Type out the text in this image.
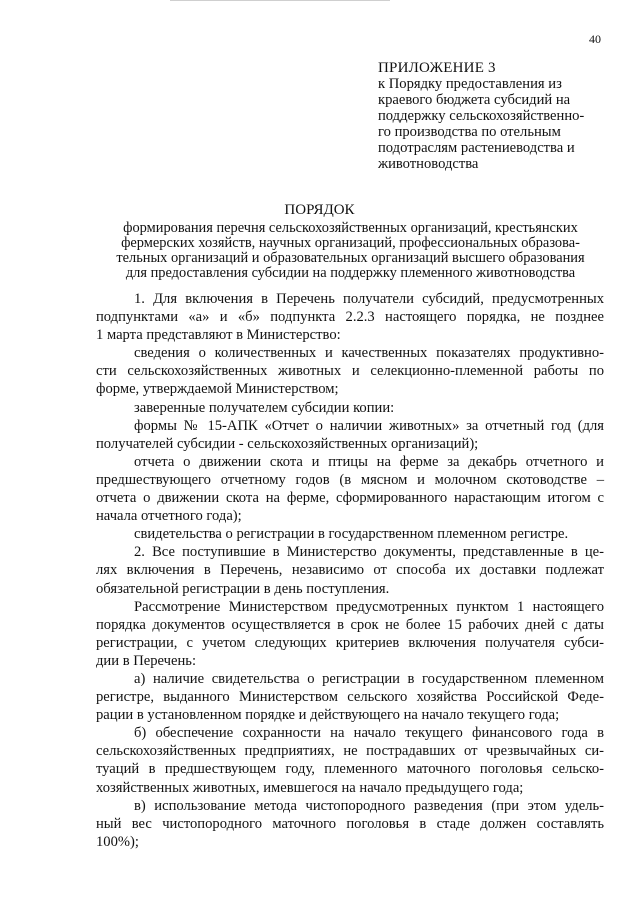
40
ПРИЛОЖЕНИЕ 3
к Порядку предоставления из
краевого бюджета субсидий на
поддержку сельскохозяйственно-
го производства по отельным
подотраслям растениеводства и
животноводства
ПОРЯДОК
формирования перечня сельскохозяйственных организаций, крестьянских
фермерских хозяйств, научных организаций, профессиональных образова-
тельных организаций и образовательных организаций высшего образования
для предоставления субсидии на поддержку племенного животноводства
1. Для включения в Перечень получатели субсидий, предусмотренных
подпунктами «а» и «б» подпункта 2.2.3 настоящего порядка, не позднее
1 марта представляют в Министерство:
сведения о количественных и качественных показателях продуктивно-
сти сельскохозяйственных животных и селекционно-племенной работы по
форме, утверждаемой Министерством;
заверенные получателем субсидии копии:
формы № 15-АПК «Отчет о наличии животных» за отчетный год (для
получателей субсидии - сельскохозяйственных организаций);
отчета о движении скота и птицы на ферме за декабрь отчетного и
предшествующего отчетному годов (в мясном и молочном скотоводстве –
отчета о движении скота на ферме, сформированного нарастающим итогом с
начала отчетного года);
свидетельства о регистрации в государственном племенном регистре.
2. Все поступившие в Министерство документы, представленные в це-
лях включения в Перечень, независимо от способа их доставки подлежат
обязательной регистрации в день поступления.
Рассмотрение Министерством предусмотренных пунктом 1 настоящего
порядка документов осуществляется в срок не более 15 рабочих дней с даты
регистрации, с учетом следующих критериев включения получателя субси-
дии в Перечень:
а) наличие свидетельства о регистрации в государственном племенном
регистре, выданного Министерством сельского хозяйства Российской Феде-
рации в установленном порядке и действующего на начало текущего года;
б) обеспечение сохранности на начало текущего финансового года в
сельскохозяйственных предприятиях, не пострадавших от чрезвычайных си-
туаций в предшествующем году, племенного маточного поголовья сельско-
хозяйственных животных, имевшегося на начало предыдущего года;
в) использование метода чистопородного разведения (при этом удель-
ный вес чистопородного маточного поголовья в стаде должен составлять
100%);
